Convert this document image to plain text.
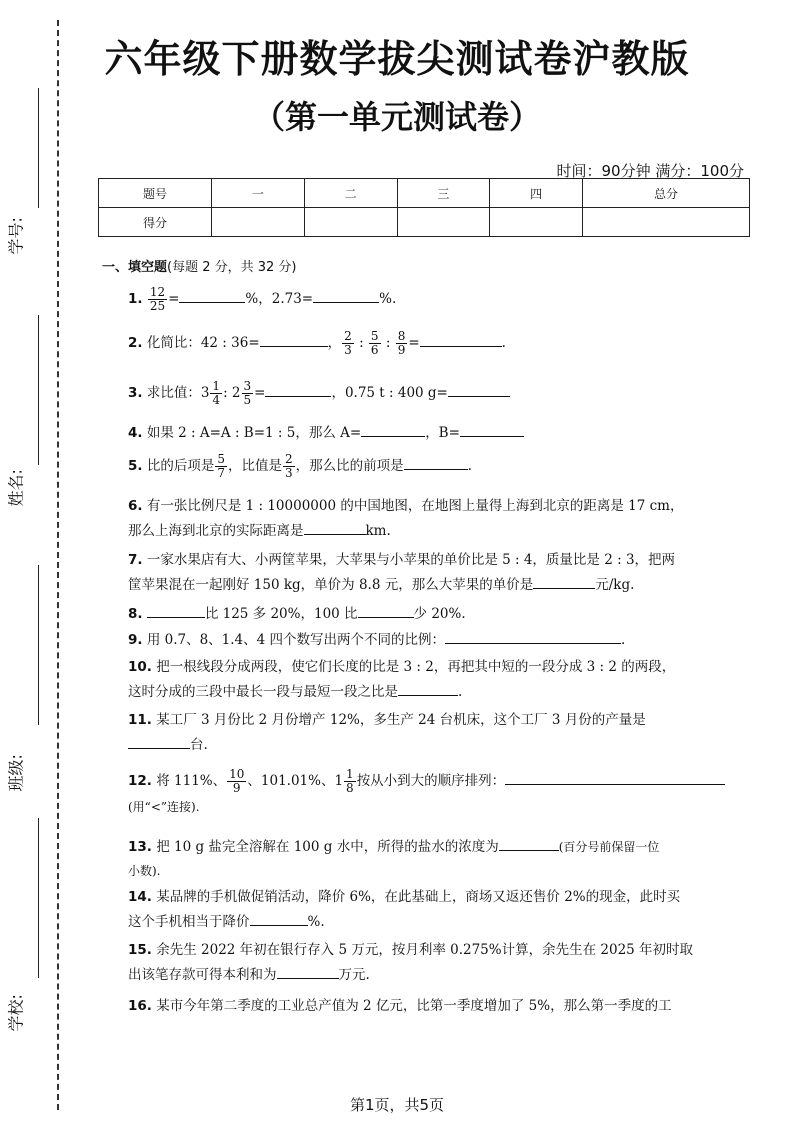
学号:
姓名:
班级:
学校:
六年级下册数学拔尖测试卷沪教版
（第一单元测试卷）
时间：90分钟 满分：100分
题号	一	二	三	四	总分
得分					
一、填空题(每题 2 分，共 32 分)
1. $\frac{12}{25}$ =	%，2.73=	%.
2. 化简比：42 : 36=	， $\frac{2}{3}$ : $\frac{5}{6}$ : $\frac{8}{9}$ =	.
3. 求比值：$3 \frac{1}{4}$ : $2 \frac{3}{5}$ =	，0.75 t : 400 g=
4. 如果 2 : A=A : B=1 : 5，那么 A=	，B=
5. 比的后项是 $\frac{5}{7}$ ，比值是 $\frac{2}{3}$ ，那么比的前项是	.
6. 有一张比例尺是 1 : 10000000 的中国地图，在地图上量得上海到北京的距离是 17 cm，
那么上海到北京的实际距离是	km.
7. 一家水果店有大、小两筐苹果，大苹果与小苹果的单价比是 5 : 4，质量比是 2 : 3，把两
筐苹果混在一起刚好 150 kg，单价为 8.8 元，那么大苹果的单价是	元/kg.
8.	比 125 多 20%，100 比	少 20%.
9. 用 0.7、8、1.4、4 四个数写出两个不同的比例：	.
10. 把一根线段分成两段，使它们长度的比是 3 : 2，再把其中短的一段分成 3 : 2 的两段，
这时分成的三段中最长一段与最短一段之比是	.
11. 某工厂 3 月份比 2 月份增产 12%，多生产 24 台机床，这个工厂 3 月份的产量是
台.
12. 将 111%、 $\frac{10}{9}$ 、101.01%、$1 \frac{1}{8}$ 按从小到大的顺序排列：
(用“<”连接).
13. 把 10 g 盐完全溶解在 100 g 水中，所得的盐水的浓度为	(百分号前保留一位
小数).
14. 某品牌的手机做促销活动，降价 6%，在此基础上，商场又返还售价 2%的现金，此时买
这个手机相当于降价	%.
15. 余先生 2022 年初在银行存入 5 万元，按月利率 0.275%计算，余先生在 2025 年初时取
出该笔存款可得本利和为	万元.
16. 某市今年第二季度的工业总产值为 2 亿元，比第一季度增加了 5%，那么第一季度的工
第1页，共5页
